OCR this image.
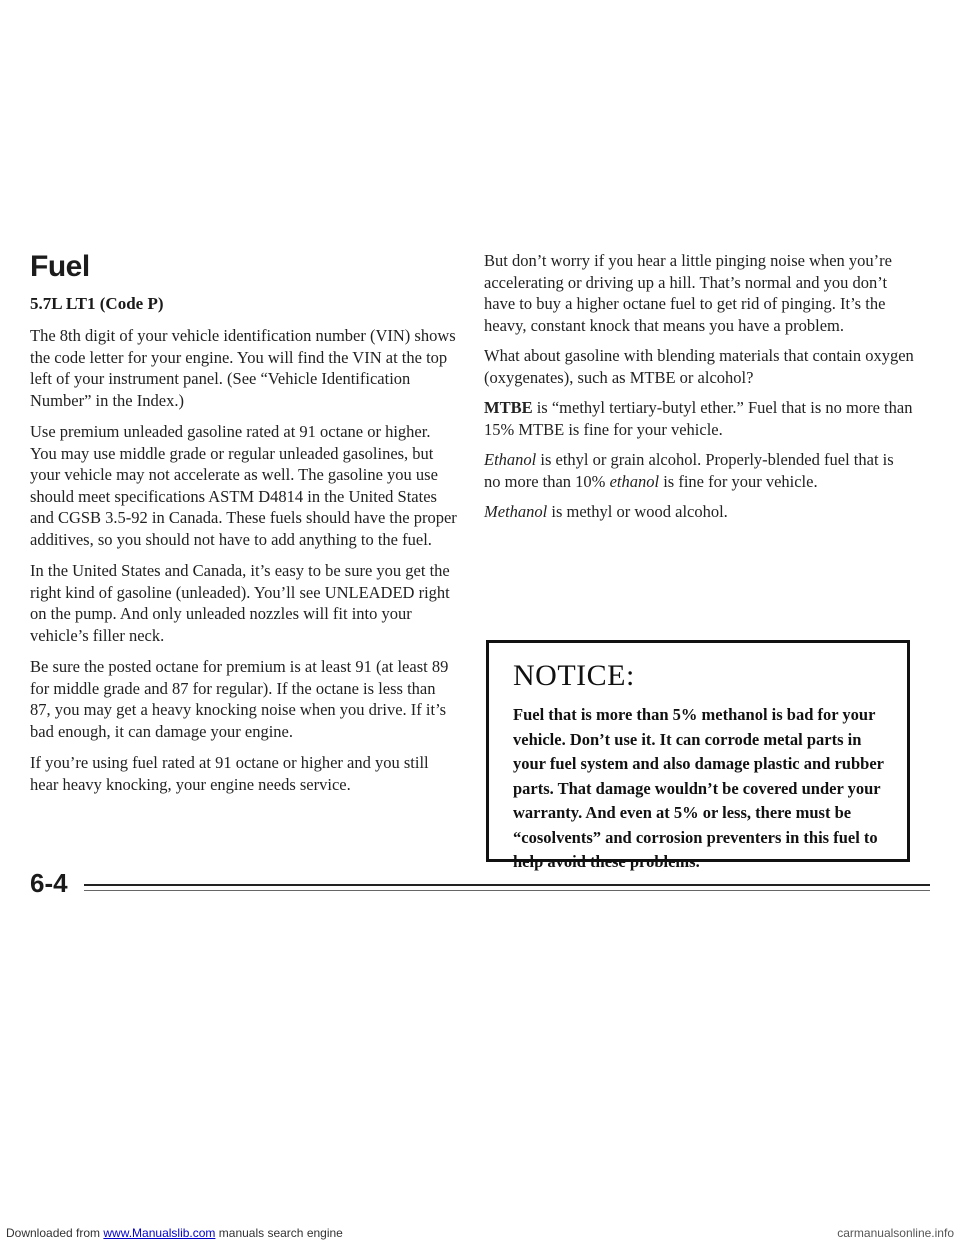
Fuel
5.7L LT1 (Code P)

The 8th digit of your vehicle identification number (VIN) shows the code letter for your engine. You will find the VIN at the top left of your instrument panel. (See “Vehicle Identification Number” in the Index.)

Use premium unleaded gasoline rated at 91 octane or higher. You may use middle grade or regular unleaded gasolines, but your vehicle may not accelerate as well. The gasoline you use should meet specifications ASTM D4814 in the United States and CGSB 3.5-92 in Canada. These fuels should have the proper additives, so you should not have to add anything to the fuel.

In the United States and Canada, it’s easy to be sure you get the right kind of gasoline (unleaded). You’ll see UNLEADED right on the pump. And only unleaded nozzles will fit into your vehicle’s filler neck.

Be sure the posted octane for premium is at least 91 (at least 89 for middle grade and 87 for regular). If the octane is less than 87, you may get a heavy knocking noise when you drive. If it’s bad enough, it can damage your engine.

If you’re using fuel rated at 91 octane or higher and you still hear heavy knocking, your engine needs service.

But don’t worry if you hear a little pinging noise when you’re accelerating or driving up a hill. That’s normal and you don’t have to buy a higher octane fuel to get rid of pinging. It’s the heavy, constant knock that means you have a problem.

What about gasoline with blending materials that contain oxygen (oxygenates), such as MTBE or alcohol?

MTBE is “methyl tertiary-butyl ether.” Fuel that is no more than 15% MTBE is fine for your vehicle.

Ethanol is ethyl or grain alcohol. Properly-blended fuel that is no more than 10% ethanol is fine for your vehicle.

Methanol is methyl or wood alcohol.

NOTICE:

Fuel that is more than 5% methanol is bad for your vehicle. Don’t use it. It can corrode metal parts in your fuel system and also damage plastic and rubber parts. That damage wouldn’t be covered under your warranty. And even at 5% or less, there must be “cosolvents” and corrosion preventers in this fuel to help avoid these problems.

6-4
Downloaded from www.Manualslib.com manuals search engine	carmanualsonline.info
